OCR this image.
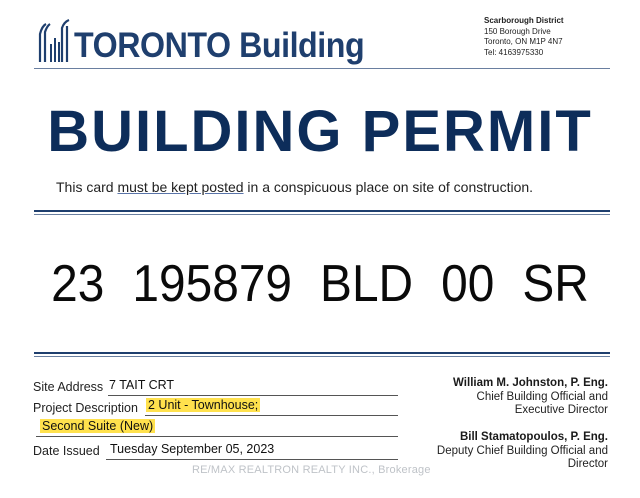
TORONTO Building
Scarborough District
150 Borough Drive
Toronto, ON M1P 4N7
Tel: 4163975330
BUILDING PERMIT
This card must be kept posted in a conspicuous place on site of construction.
23 195879 BLD 00 SR
Site Address 7 TAIT CRT
Project Description 2 Unit - Townhouse;
Second Suite (New)
Date Issued Tuesday September 05, 2023
William M. Johnston, P. Eng.
Chief Building Official and
Executive Director
Bill Stamatopoulos, P. Eng.
Deputy Chief Building Official and
Director
RE/MAX REALTRON REALTY INC., Brokerage
